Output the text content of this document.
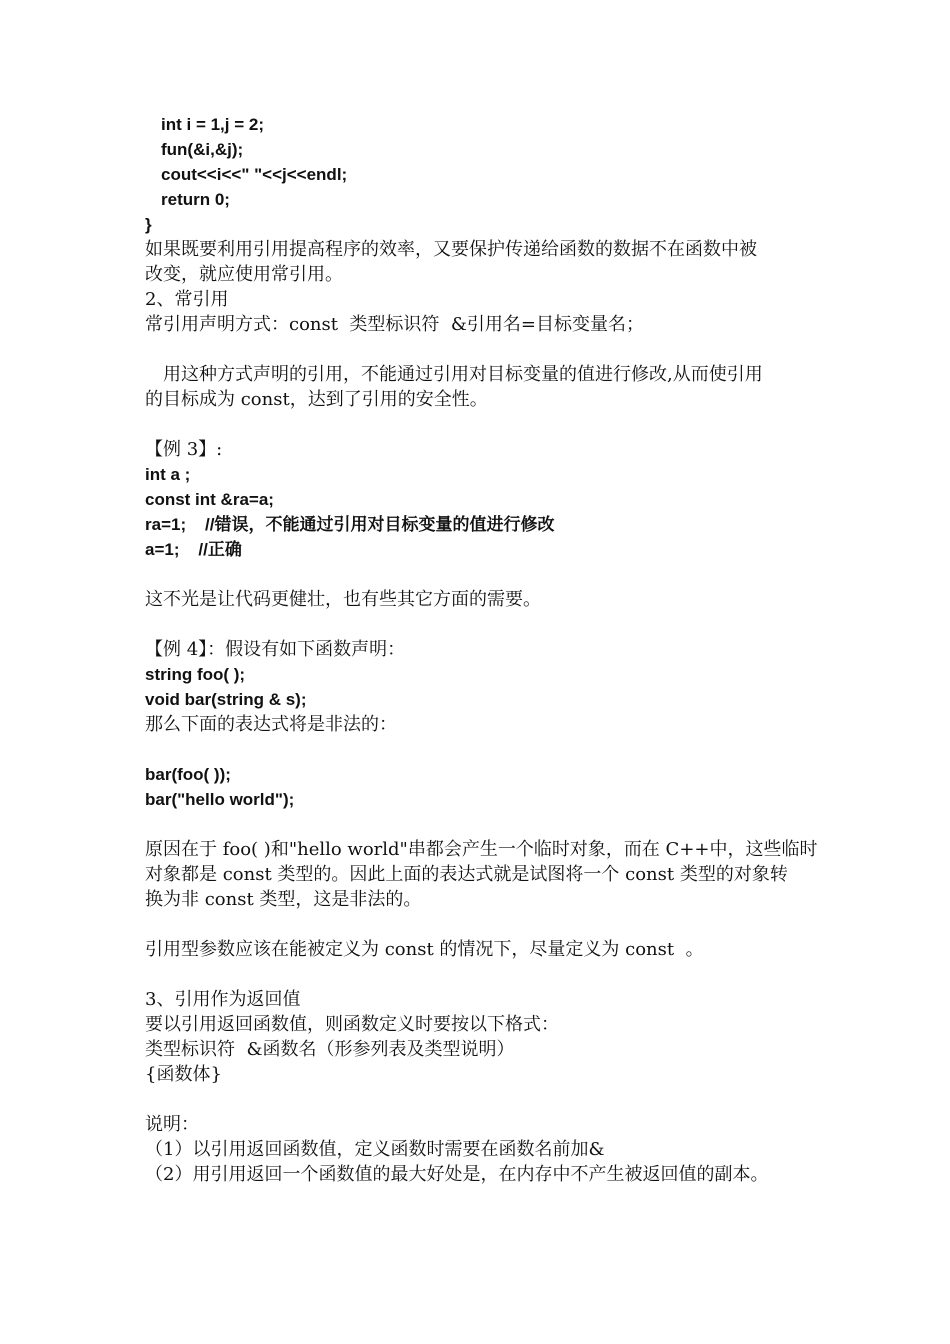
int i = 1,j = 2;
fun(&i,&j);
cout<<i<<" "<<j<<endl;
return 0;
}
如果既要利用引用提高程序的效率，又要保护传递给函数的数据不在函数中被
改变，就应使用常引用。
2、常引用
常引用声明方式：const  类型标识符  &引用名=目标变量名；
用这种方式声明的引用，不能通过引用对目标变量的值进行修改,从而使引用
的目标成为 const，达到了引用的安全性。
【例 3】:
int a ;
const int &ra=a;
ra=1;    //错误，不能通过引用对目标变量的值进行修改
a=1;    //正确
这不光是让代码更健壮，也有些其它方面的需要。
【例 4】：假设有如下函数声明：
string foo( );
void bar(string & s);
那么下面的表达式将是非法的：
bar(foo( ));
bar("hello world");
原因在于 foo( )和"hello world"串都会产生一个临时对象，而在 C++中，这些临时
对象都是 const 类型的。因此上面的表达式就是试图将一个 const 类型的对象转
换为非 const 类型，这是非法的。
引用型参数应该在能被定义为 const 的情况下，尽量定义为 const  。
3、引用作为返回值
要以引用返回函数值，则函数定义时要按以下格式：
类型标识符  &函数名（形参列表及类型说明）
{函数体}
说明：
（1）以引用返回函数值，定义函数时需要在函数名前加&
（2）用引用返回一个函数值的最大好处是，在内存中不产生被返回值的副本。
